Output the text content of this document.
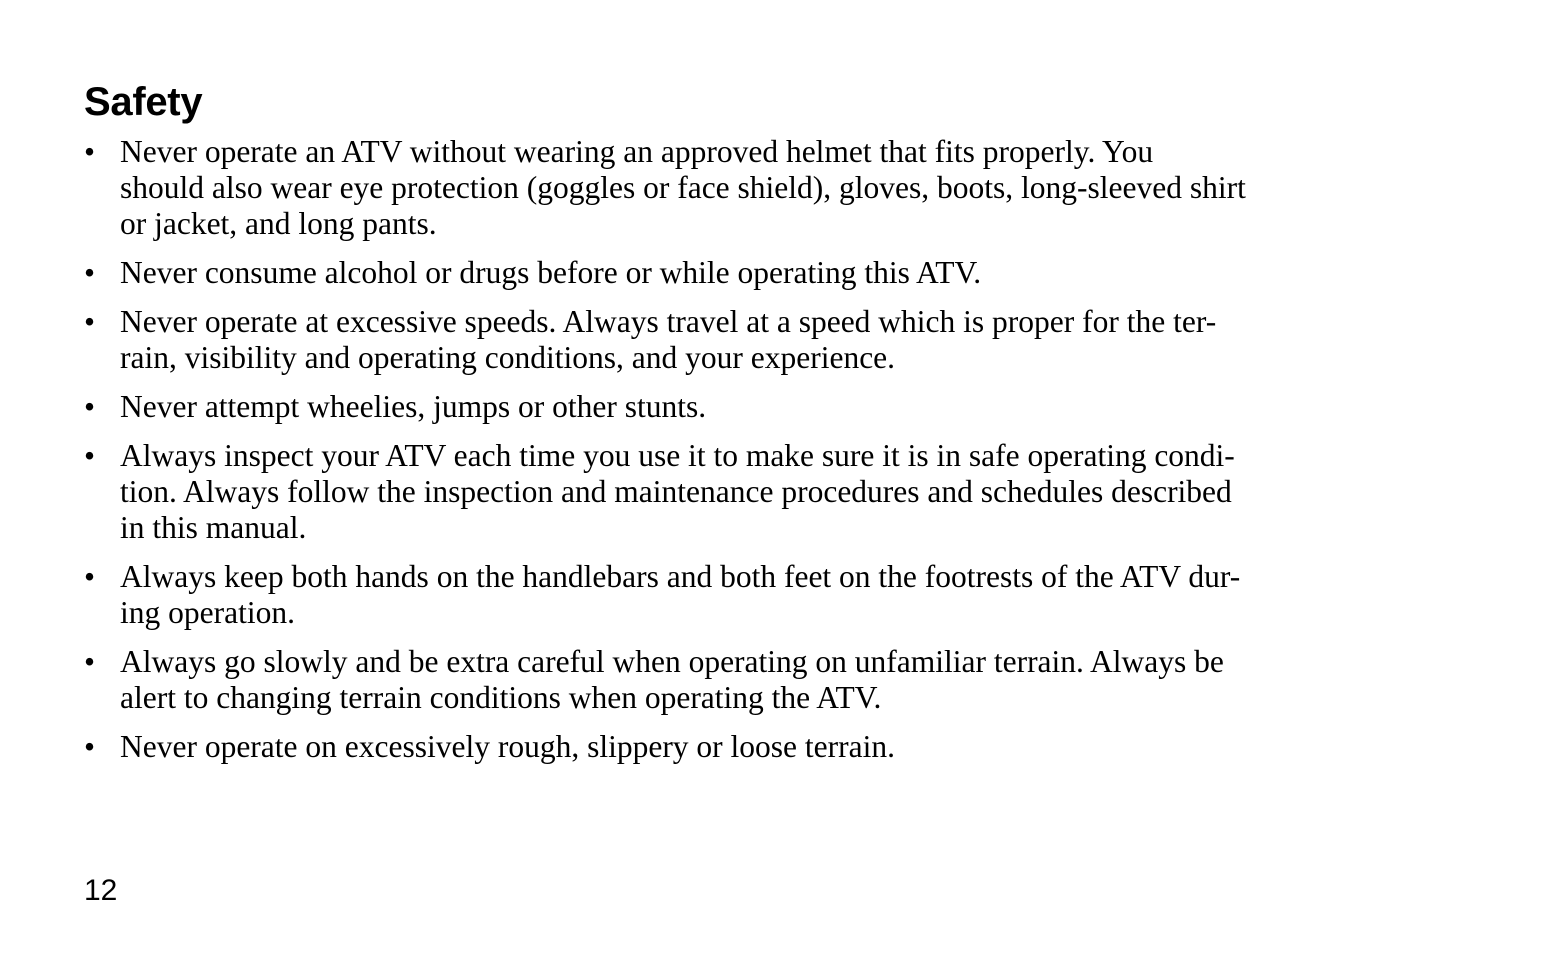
Safety
• Never operate an ATV without wearing an approved helmet that fits properly. You
should also wear eye protection (goggles or face shield), gloves, boots, long-sleeved shirt
or jacket, and long pants.
• Never consume alcohol or drugs before or while operating this ATV.
• Never operate at excessive speeds. Always travel at a speed which is proper for the ter-
rain, visibility and operating conditions, and your experience.
• Never attempt wheelies, jumps or other stunts.
• Always inspect your ATV each time you use it to make sure it is in safe operating condi-
tion. Always follow the inspection and maintenance procedures and schedules described
in this manual.
• Always keep both hands on the handlebars and both feet on the footrests of the ATV dur-
ing operation.
• Always go slowly and be extra careful when operating on unfamiliar terrain. Always be
alert to changing terrain conditions when operating the ATV.
• Never operate on excessively rough, slippery or loose terrain.
12
